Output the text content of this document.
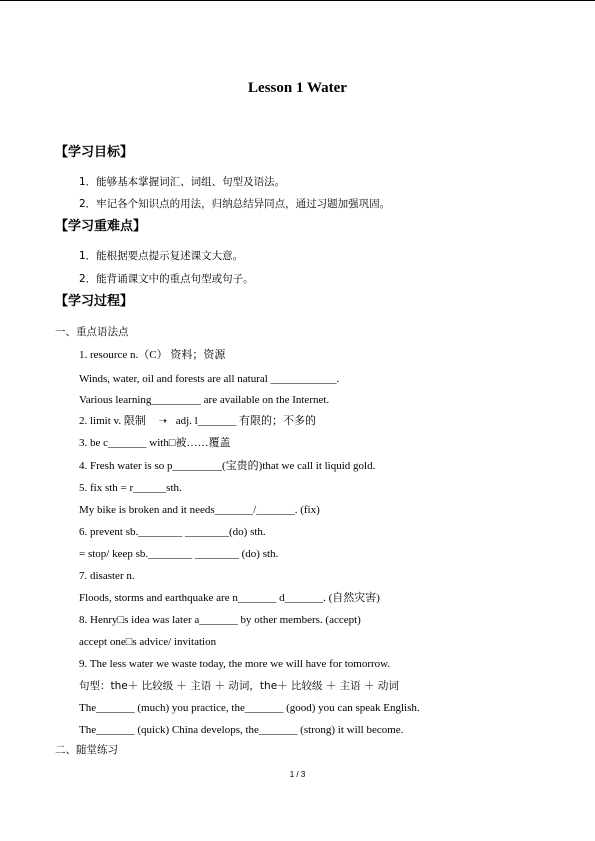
Lesson 1 Water
【学习目标】
1．能够基本掌握词汇、词组、句型及语法。
2．牢记各个知识点的用法，归纳总结异同点，通过习题加强巩固。
【学习重难点】
1．能根据要点提示复述课文大意。
2．能背诵课文中的重点句型或句子。
【学习过程】
一、重点语法点
1. resource n.（C） 资料；资源
Winds, water, oil and forests are all natural ____________.
Various learning_________ are available on the Internet.
2. limit v. 限制 ➝ adj. l_______ 有限的；不多的
3. be c_______ with□被……覆盖
4. Fresh water is so p_________(宝贵的)that we call it liquid gold.
5. fix sth = r______sth.
My bike is broken and it needs_______/_______. (fix)
6. prevent sb.________ ________(do) sth.
= stop/ keep sb.________ ________ (do) sth.
7. disaster n.
Floods, storms and earthquake are n_______ d_______. (自然灾害)
8. Henry□s idea was later a_______ by other members. (accept)
accept one□s advice/ invitation
9. The less water we waste today, the more we will have for tomorrow.
句型：the＋ 比较级 ＋ 主语 ＋ 动词，the＋ 比较级 ＋ 主语 ＋ 动词
The_______ (much) you practice, the_______ (good) you can speak English.
The_______ (quick) China develops, the_______ (strong) it will become.
二、随堂练习
1 / 3
